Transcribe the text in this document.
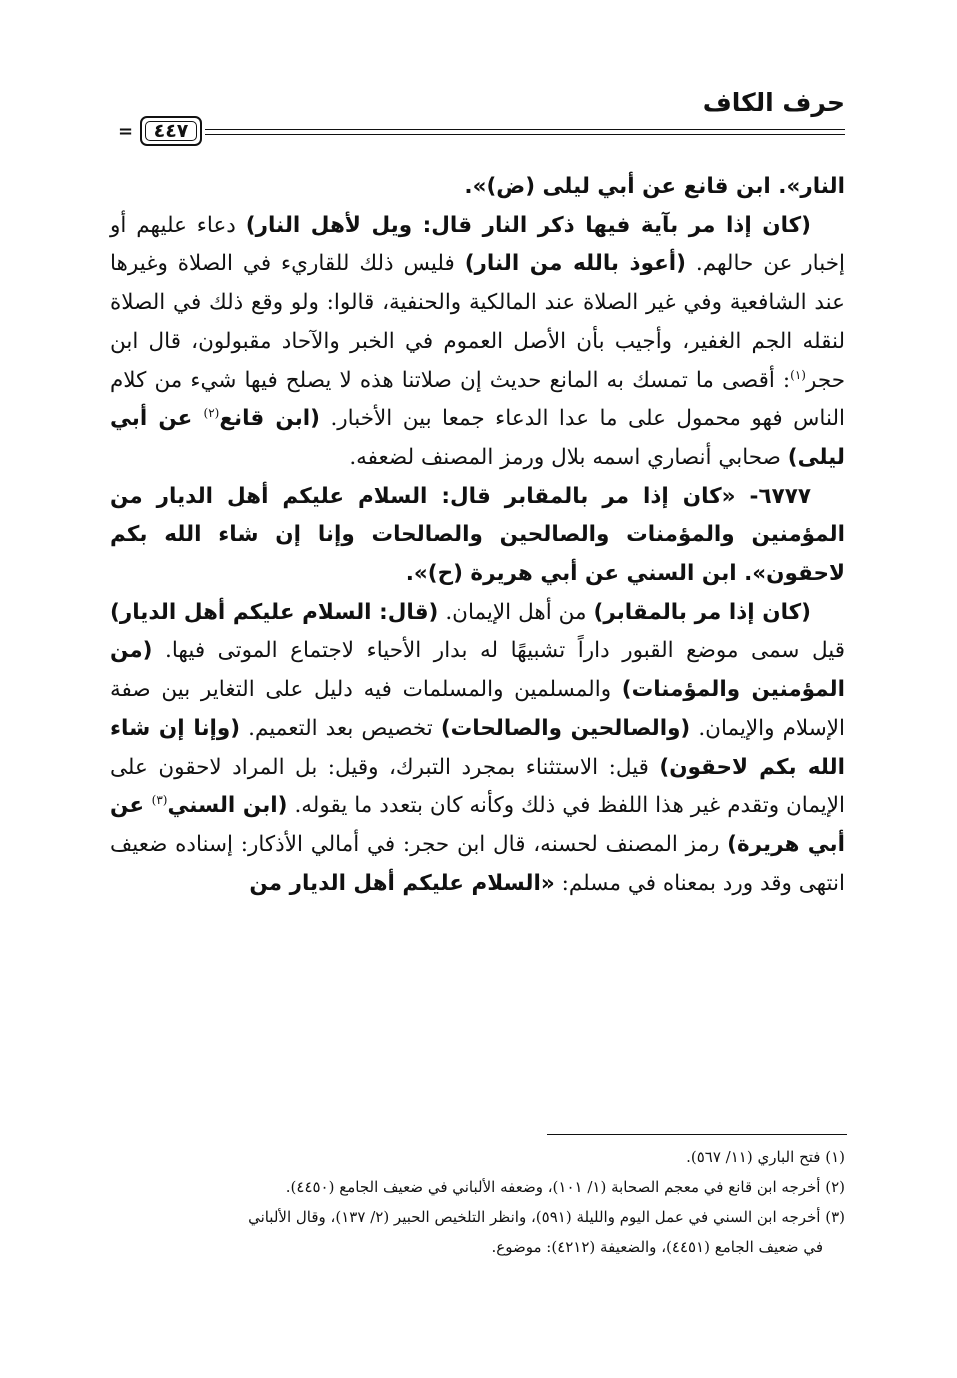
حرف الكاف
= ٤٤٧

النار». ابن قانع عن أبي ليلى (ض)».

(كان إذا مر بآية فيها ذكر النار قال: ويل لأهل النار) دعاء عليهم أو إخبار عن حالهم. (أعوذ بالله من النار) فليس ذلك للقاريء في الصلاة وغيرها عند الشافعية وفي غير الصلاة عند المالكية والحنفية، قالوا: ولو وقع ذلك في الصلاة لنقله الجم الغفير، وأجيب بأن الأصل العموم في الخبر والآحاد مقبولون، قال ابن حجر$^{(١)}$: أقصى ما تمسك به المانع حديث إن صلاتنا هذه لا يصلح فيها شيء من كلام الناس فهو محمول على ما عدا الدعاء جمعا بين الأخبار. (ابن قانع$^{(٢)}$ عن أبي ليلى) صحابي أنصاري اسمه بلال ورمز المصنف لضعفه.

٦٧٧٧- «كان إذا مر بالمقابر قال: السلام عليكم أهل الديار من المؤمنين والمؤمنات والصالحين والصالحات وإنا إن شاء الله بكم لاحقون». ابن السني عن أبي هريرة (ح)».

(كان إذا مر بالمقابر) من أهل الإيمان. (قال: السلام عليكم أهل الديار) قيل سمى موضع القبور داراً تشبيهًا له بدار الأحياء لاجتماع الموتى فيها. (من المؤمنين والمؤمنات) والمسلمين والمسلمات فيه دليل على التغاير بين صفة الإسلام والإيمان. (والصالحين والصالحات) تخصيص بعد التعميم. (وإنا إن شاء الله بكم لاحقون) قيل: الاستثناء بمجرد التبرك، وقيل: بل المراد لاحقون على الإيمان وتقدم غير هذا اللفظ في ذلك وكأنه كان بتعدد ما يقوله. (ابن السني$^{(٣)}$ عن أبي هريرة) رمز المصنف لحسنه، قال ابن حجر: في أمالي الأذكار: إسناده ضعيف انتهى وقد ورد بمعناه في مسلم: «السلام عليكم أهل الديار من

(١) فتح الباري (١١/ ٥٦٧).

(٢) أخرجه ابن قانع في معجم الصحابة (١/ ١٠١)، وضعفه الألباني في ضعيف الجامع (٤٤٥٠).

(٣) أخرجه ابن السني في عمل اليوم والليلة (٥٩١)، وانظر التلخيص الحبير (٢/ ١٣٧)، وقال الألباني

في ضعيف الجامع (٤٤٥١)، والضعيفة (٤٢١٢): موضوع.
